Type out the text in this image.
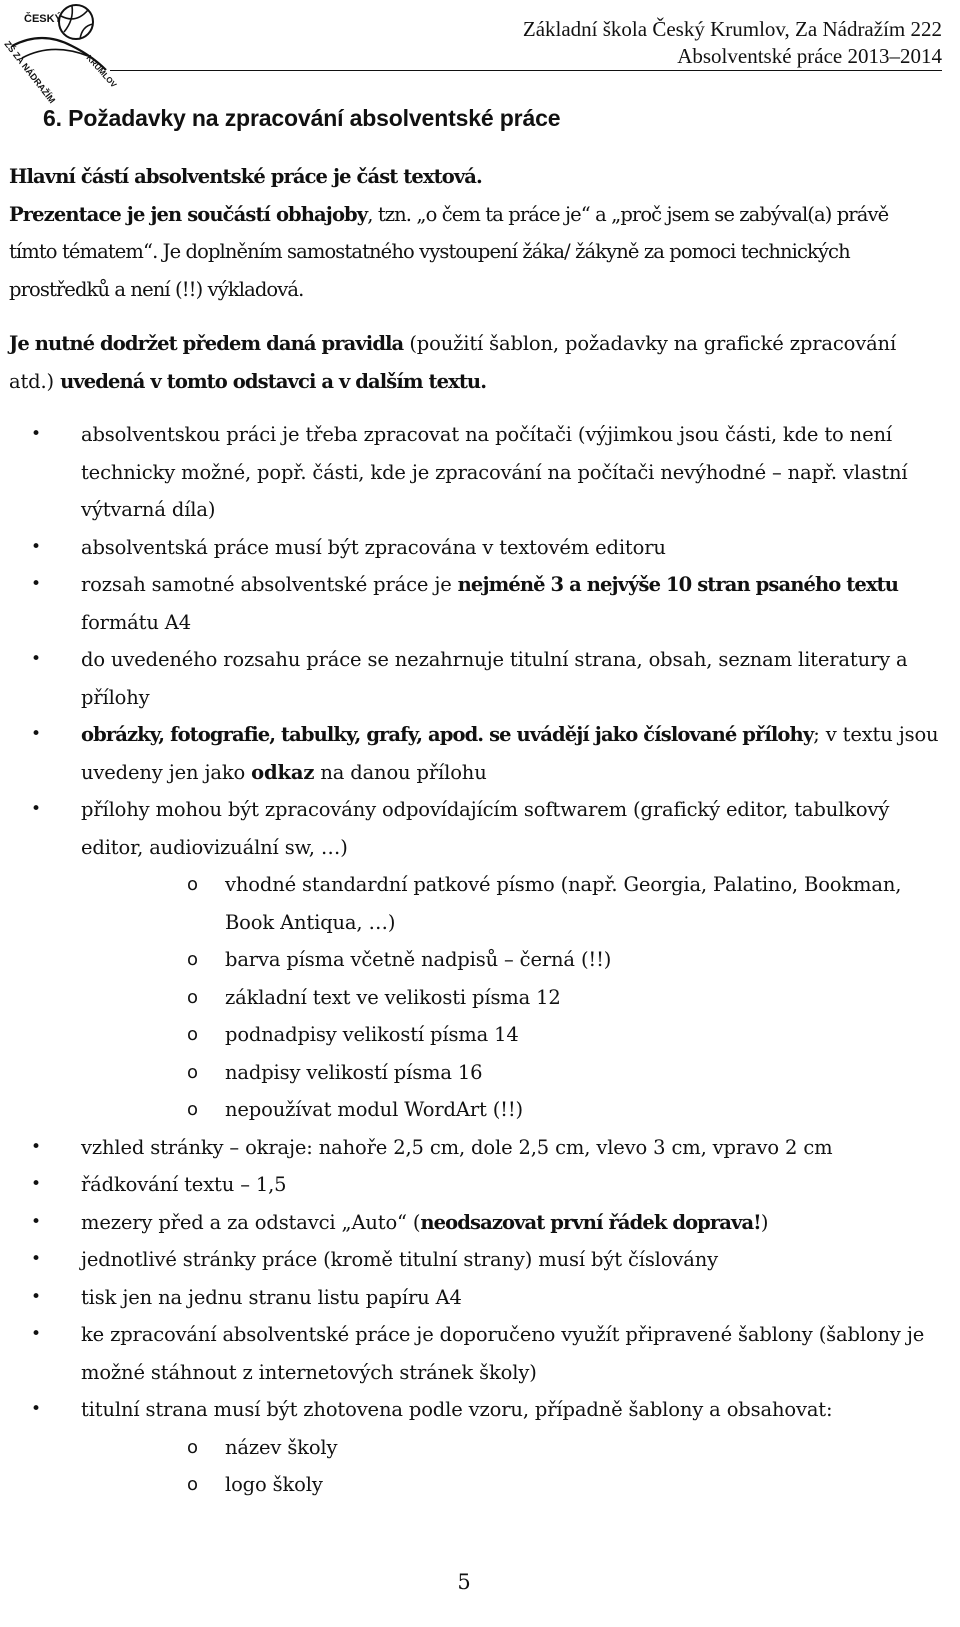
ČESKÝ
KRUMLOV
ZŠ ZA NÁDRAŽÍM
Základní škola Český Krumlov, Za Nádražím 222
Absolventské práce 2013–2014
6. Požadavky na zpracování absolventské práce

Hlavní částí absolventské práce je část textová.

Prezentace je jen součástí obhajoby, tzn. „o čem ta práce je“ a „proč jsem se zabýval(a) právě tímto tématem“. Je doplněním samostatného vystoupení žáka/ žákyně za pomoci technických prostředků a není (!!) výkladová.

Je nutné dodržet předem daná pravidla (použití šablon, požadavky na grafické zpracování atd.) uvedená v tomto odstavci a v dalším textu.

• absolventskou práci je třeba zpracovat na počítači (výjimkou jsou části, kde to není technicky možné, popř. části, kde je zpracování na počítači nevýhodné – např. vlastní výtvarná díla)
• absolventská práce musí být zpracována v textovém editoru
• rozsah samotné absolventské práce je nejméně 3 a nejvýše 10 stran psaného textu formátu A4
• do uvedeného rozsahu práce se nezahrnuje titulní strana, obsah, seznam literatury a přílohy
• obrázky, fotografie, tabulky, grafy, apod. se uvádějí jako číslované přílohy; v textu jsou uvedeny jen jako odkaz na danou přílohu
• přílohy mohou být zpracovány odpovídajícím softwarem (grafický editor, tabulkový editor, audiovizuální sw, …)
o vhodné standardní patkové písmo (např. Georgia, Palatino, Bookman, Book Antiqua, …)
o barva písma včetně nadpisů – černá (!!)
o základní text ve velikosti písma 12
o podnadpisy velikostí písma 14
o nadpisy velikostí písma 16
o nepoužívat modul WordArt (!!)
• vzhled stránky – okraje: nahoře 2,5 cm, dole 2,5 cm, vlevo 3 cm, vpravo 2 cm
• řádkování textu – 1,5
• mezery před a za odstavci „Auto“ (neodsazovat první řádek doprava!)
• jednotlivé stránky práce (kromě titulní strany) musí být číslovány
• tisk jen na jednu stranu listu papíru A4
• ke zpracování absolventské práce je doporučeno využít připravené šablony (šablony je možné stáhnout z internetových stránek školy)
• titulní strana musí být zhotovena podle vzoru, případně šablony a obsahovat:
o název školy
o logo školy
5
